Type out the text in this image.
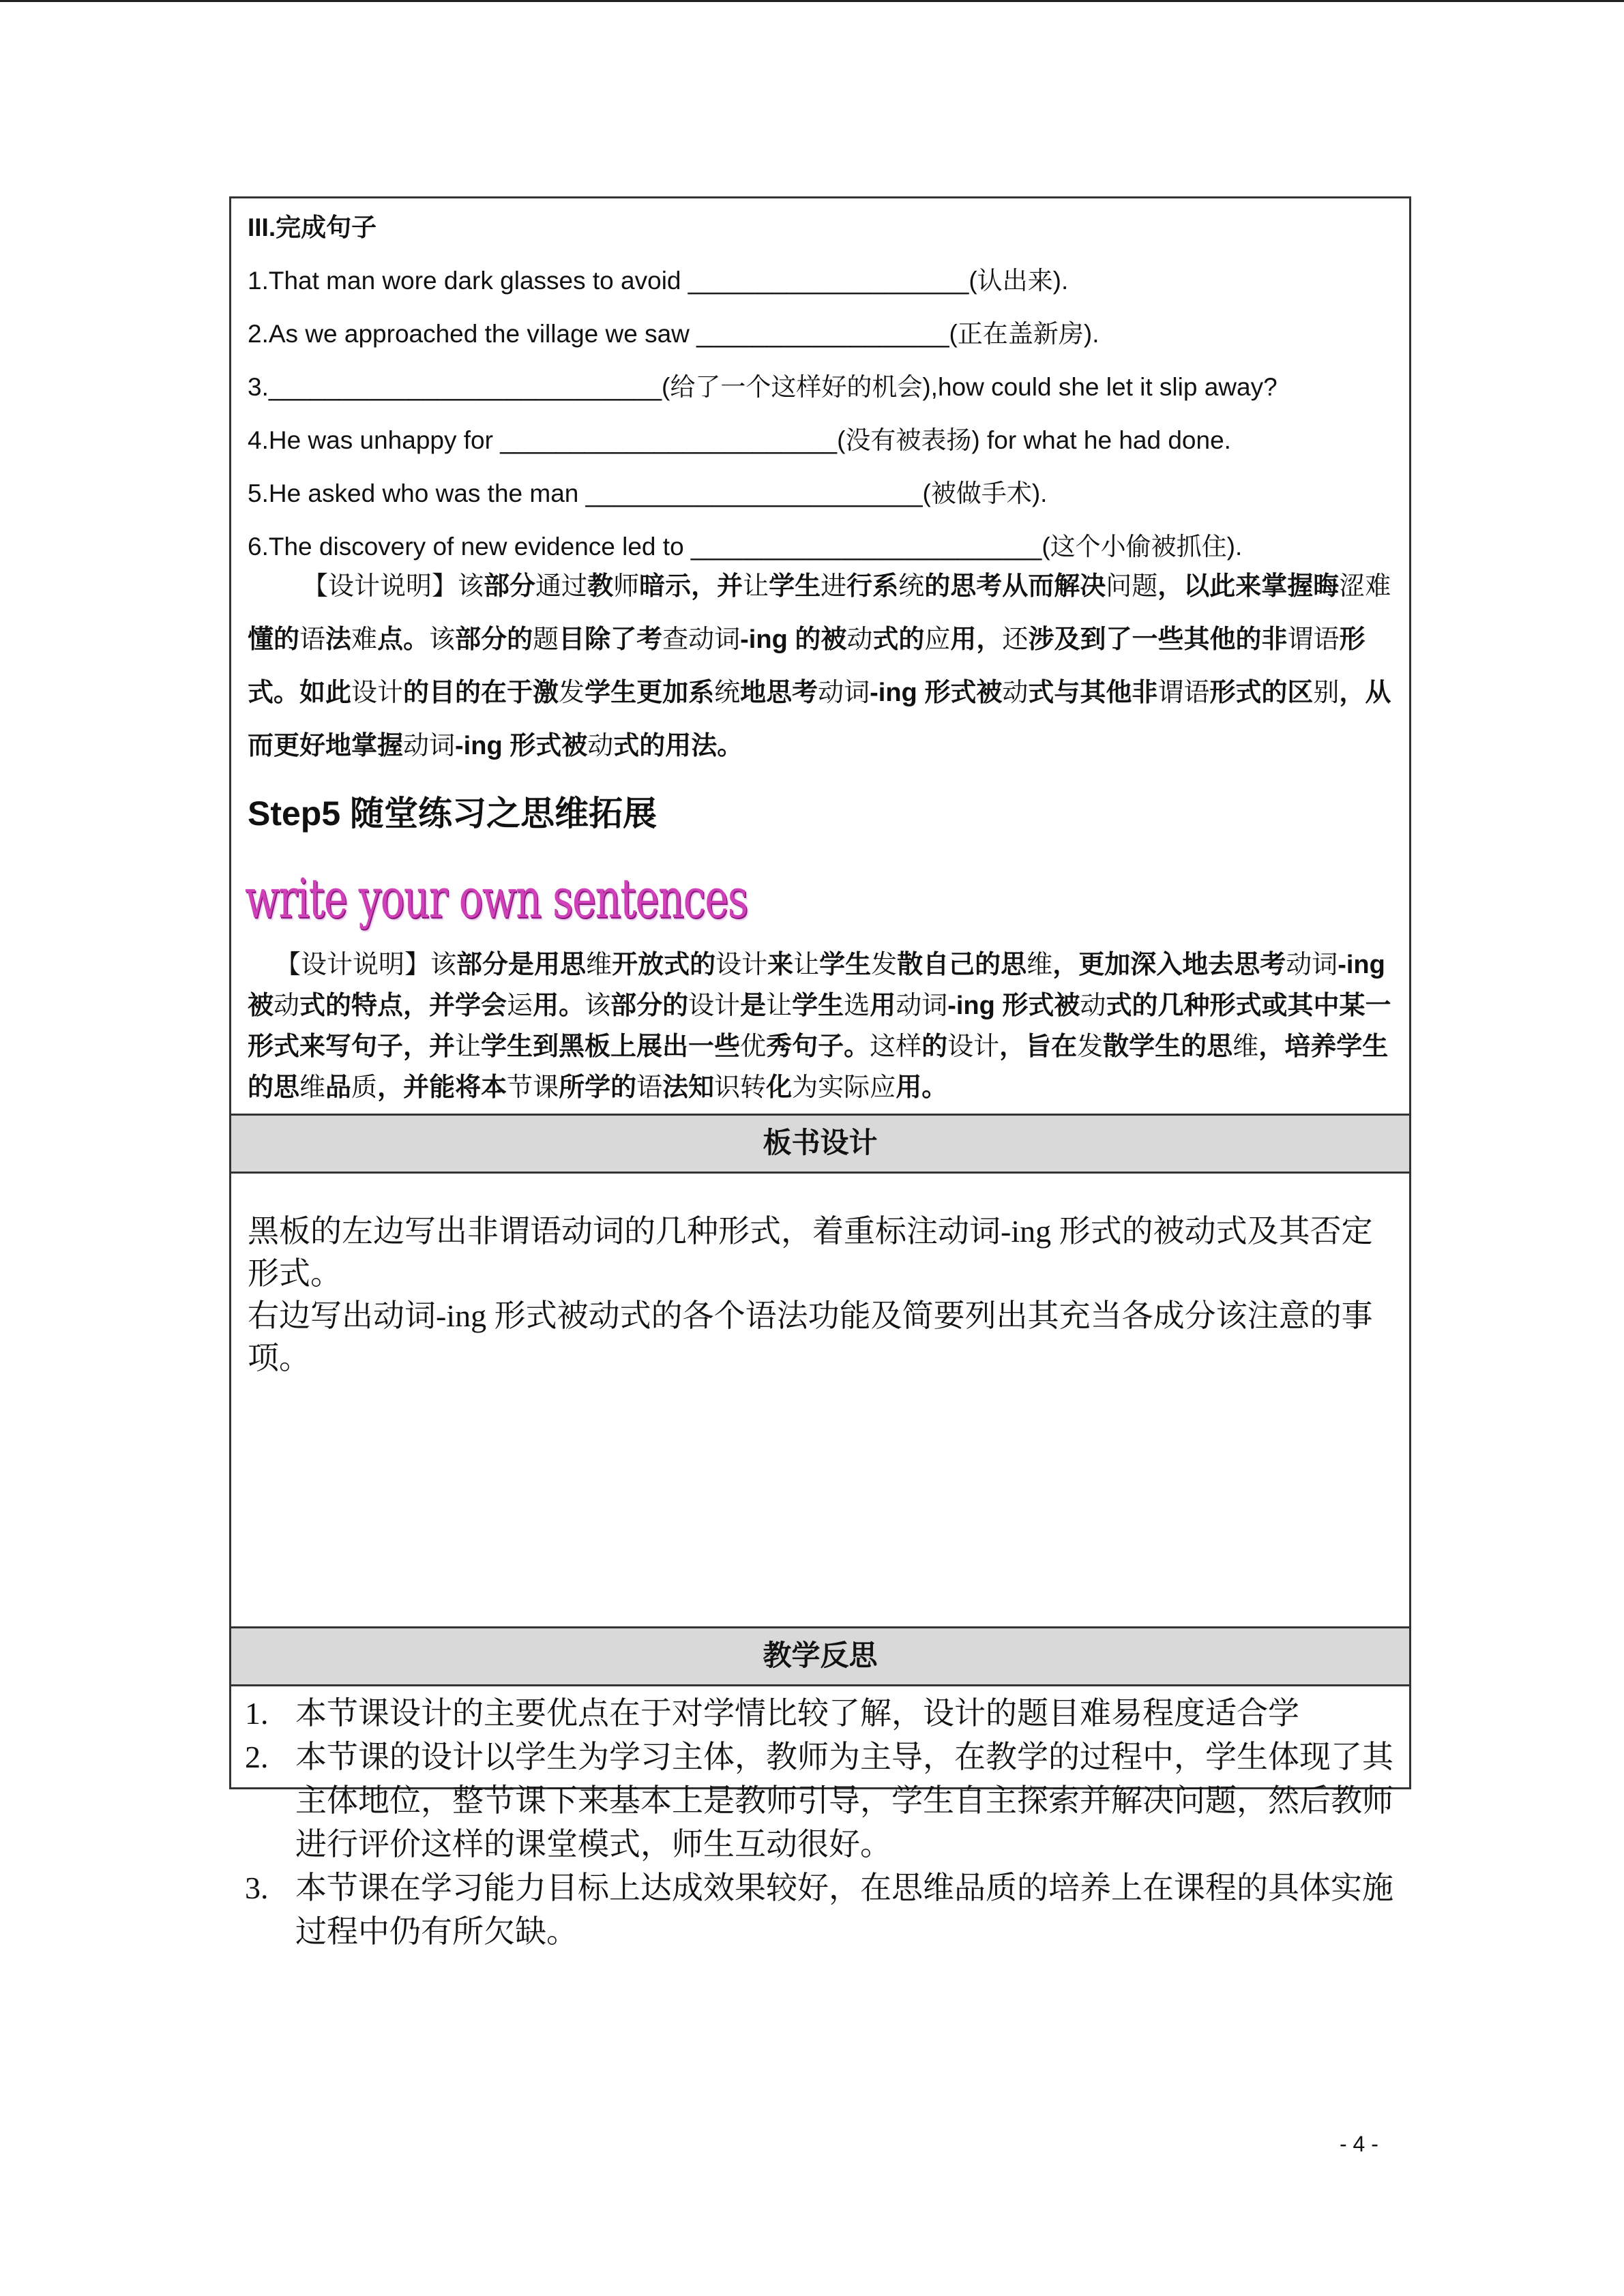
III.完成句子
1.That man wore dark glasses to avoid ____________________(认出来).
2.As we approached the village we saw __________________(正在盖新房).
3.____________________________(给了一个这样好的机会),how could she let it slip away?
4.He was unhappy for ________________________(没有被表扬) for what he had done.
5.He asked who was the man ________________________(被做手术).
6.The discovery of new evidence led to _________________________(这个小偷被抓住).
【设计说明】该部分通过教师暗示，并让学生进行系统的思考从而解决问题，以此来掌握晦涩难懂的语法难点。该部分的题目除了考查动词-ing 的被动式的应用，还涉及到了一些其他的非谓语形式。如此设计的目的在于激发学生更加系统地思考动词-ing 形式被动式与其他非谓语形式的区别，从而更好地掌握动词-ing 形式被动式的用法。
Step5 随堂练习之思维拓展
write your own sentences
【设计说明】该部分是用思维开放式的设计来让学生发散自己的思维，更加深入地去思考动词-ing 被动式的特点，并学会运用。该部分的设计是让学生选用动词-ing 形式被动式的几种形式或其中某一形式来写句子，并让学生到黑板上展出一些优秀句子。这样的设计，旨在发散学生的思维，培养学生的思维品质，并能将本节课所学的语法知识转化为实际应用。
板书设计

黑板的左边写出非谓语动词的几种形式，着重标注动词-ing 形式的被动式及其否定形式。

右边写出动词-ing 形式被动式的各个语法功能及简要列出其充当各成分该注意的事项。

教学反思
1. 本节课设计的主要优点在于对学情比较了解，设计的题目难易程度适合学
2. 本节课的设计以学生为学习主体，教师为主导，在教学的过程中，学生体现了其主体地位，整节课下来基本上是教师引导，学生自主探索并解决问题，然后教师进行评价这样的课堂模式，师生互动很好。
3. 本节课在学习能力目标上达成效果较好，在思维品质的培养上在课程的具体实施过程中仍有所欠缺。
- 4 -
